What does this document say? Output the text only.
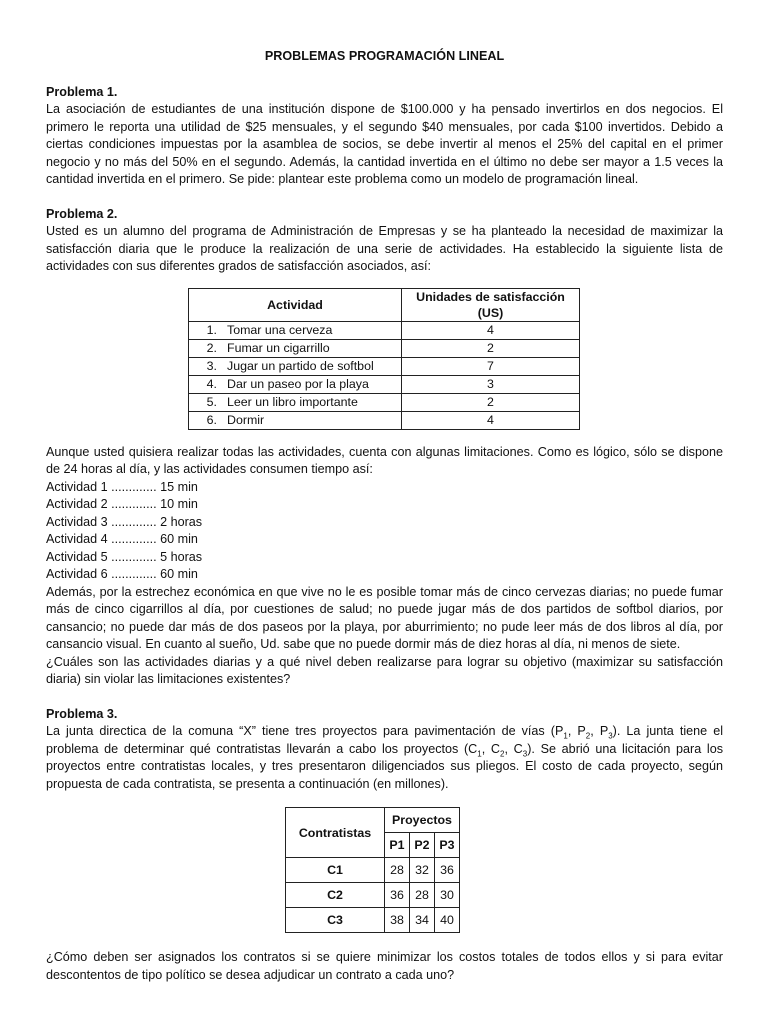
PROBLEMAS PROGRAMACIÓN LINEAL
Problema 1.
La asociación de estudiantes de una institución dispone de $100.000 y ha pensado invertirlos en dos negocios. El primero le reporta una utilidad de $25 mensuales, y el segundo $40 mensuales, por cada $100 invertidos. Debido a ciertas condiciones impuestas por la asamblea de socios, se debe invertir al menos el 25% del capital en el primer negocio y no más del 50% en el segundo. Además, la cantidad invertida en el último no debe ser mayor a 1.5 veces la cantidad invertida en el primero. Se pide: plantear este problema como un modelo de programación lineal.
Problema 2.
Usted es un alumno del programa de Administración de Empresas y se ha planteado la necesidad de maximizar la satisfacción diaria que le produce la realización de una serie de actividades. Ha establecido la siguiente lista de actividades con sus diferentes grados de satisfacción asociados, así:
Actividad		Unidades de satisfacción (US)
1.	Tomar una cerveza	4
2.	Fumar un cigarrillo	2
3.	Jugar un partido de softbol	7
4.	Dar un paseo por la playa	3
5.	Leer un libro importante	2
6.	Dormir	4
Aunque usted quisiera realizar todas las actividades, cuenta con algunas limitaciones. Como es lógico, sólo se dispone de 24 horas al día, y las actividades consumen tiempo así:
Actividad 1 ............. 15 min
Actividad 2 ............. 10 min
Actividad 3 ............. 2 horas
Actividad 4 ............. 60 min
Actividad 5 ............. 5 horas
Actividad 6 ............. 60 min
Además, por la estrechez económica en que vive no le es posible tomar más de cinco cervezas diarias; no puede fumar más de cinco cigarrillos al día, por cuestiones de salud; no puede jugar más de dos partidos de softbol diarios, por cansancio; no puede dar más de dos paseos por la playa, por aburrimiento; no pude leer más de dos libros al día, por cansancio visual. En cuanto al sueño, Ud. sabe que no puede dormir más de diez horas al día, ni menos de siete.
¿Cuáles son las actividades diarias y a qué nivel deben realizarse para lograr su objetivo (maximizar su satisfacción diaria) sin violar las limitaciones existentes?
Problema 3.
La junta directica de la comuna “X” tiene tres proyectos para pavimentación de vías ($P_1$, $P_2$, $P_3$). La junta tiene el problema de determinar qué contratistas llevarán a cabo los proyectos ($C_1$, $C_2$, $C_3$). Se abrió una licitación para los proyectos entre contratistas locales, y tres presentaron diligenciados sus pliegos. El costo de cada proyecto, según propuesta de cada contratista, se presenta a continuación (en millones).
Contratistas	Proyectos		
	P1	P2	P3
C1	28	32	36
C2	36	28	30
C3	38	34	40
¿Cómo deben ser asignados los contratos si se quiere minimizar los costos totales de todos ellos y si para evitar descontentos de tipo político se desea adjudicar un contrato a cada uno?
